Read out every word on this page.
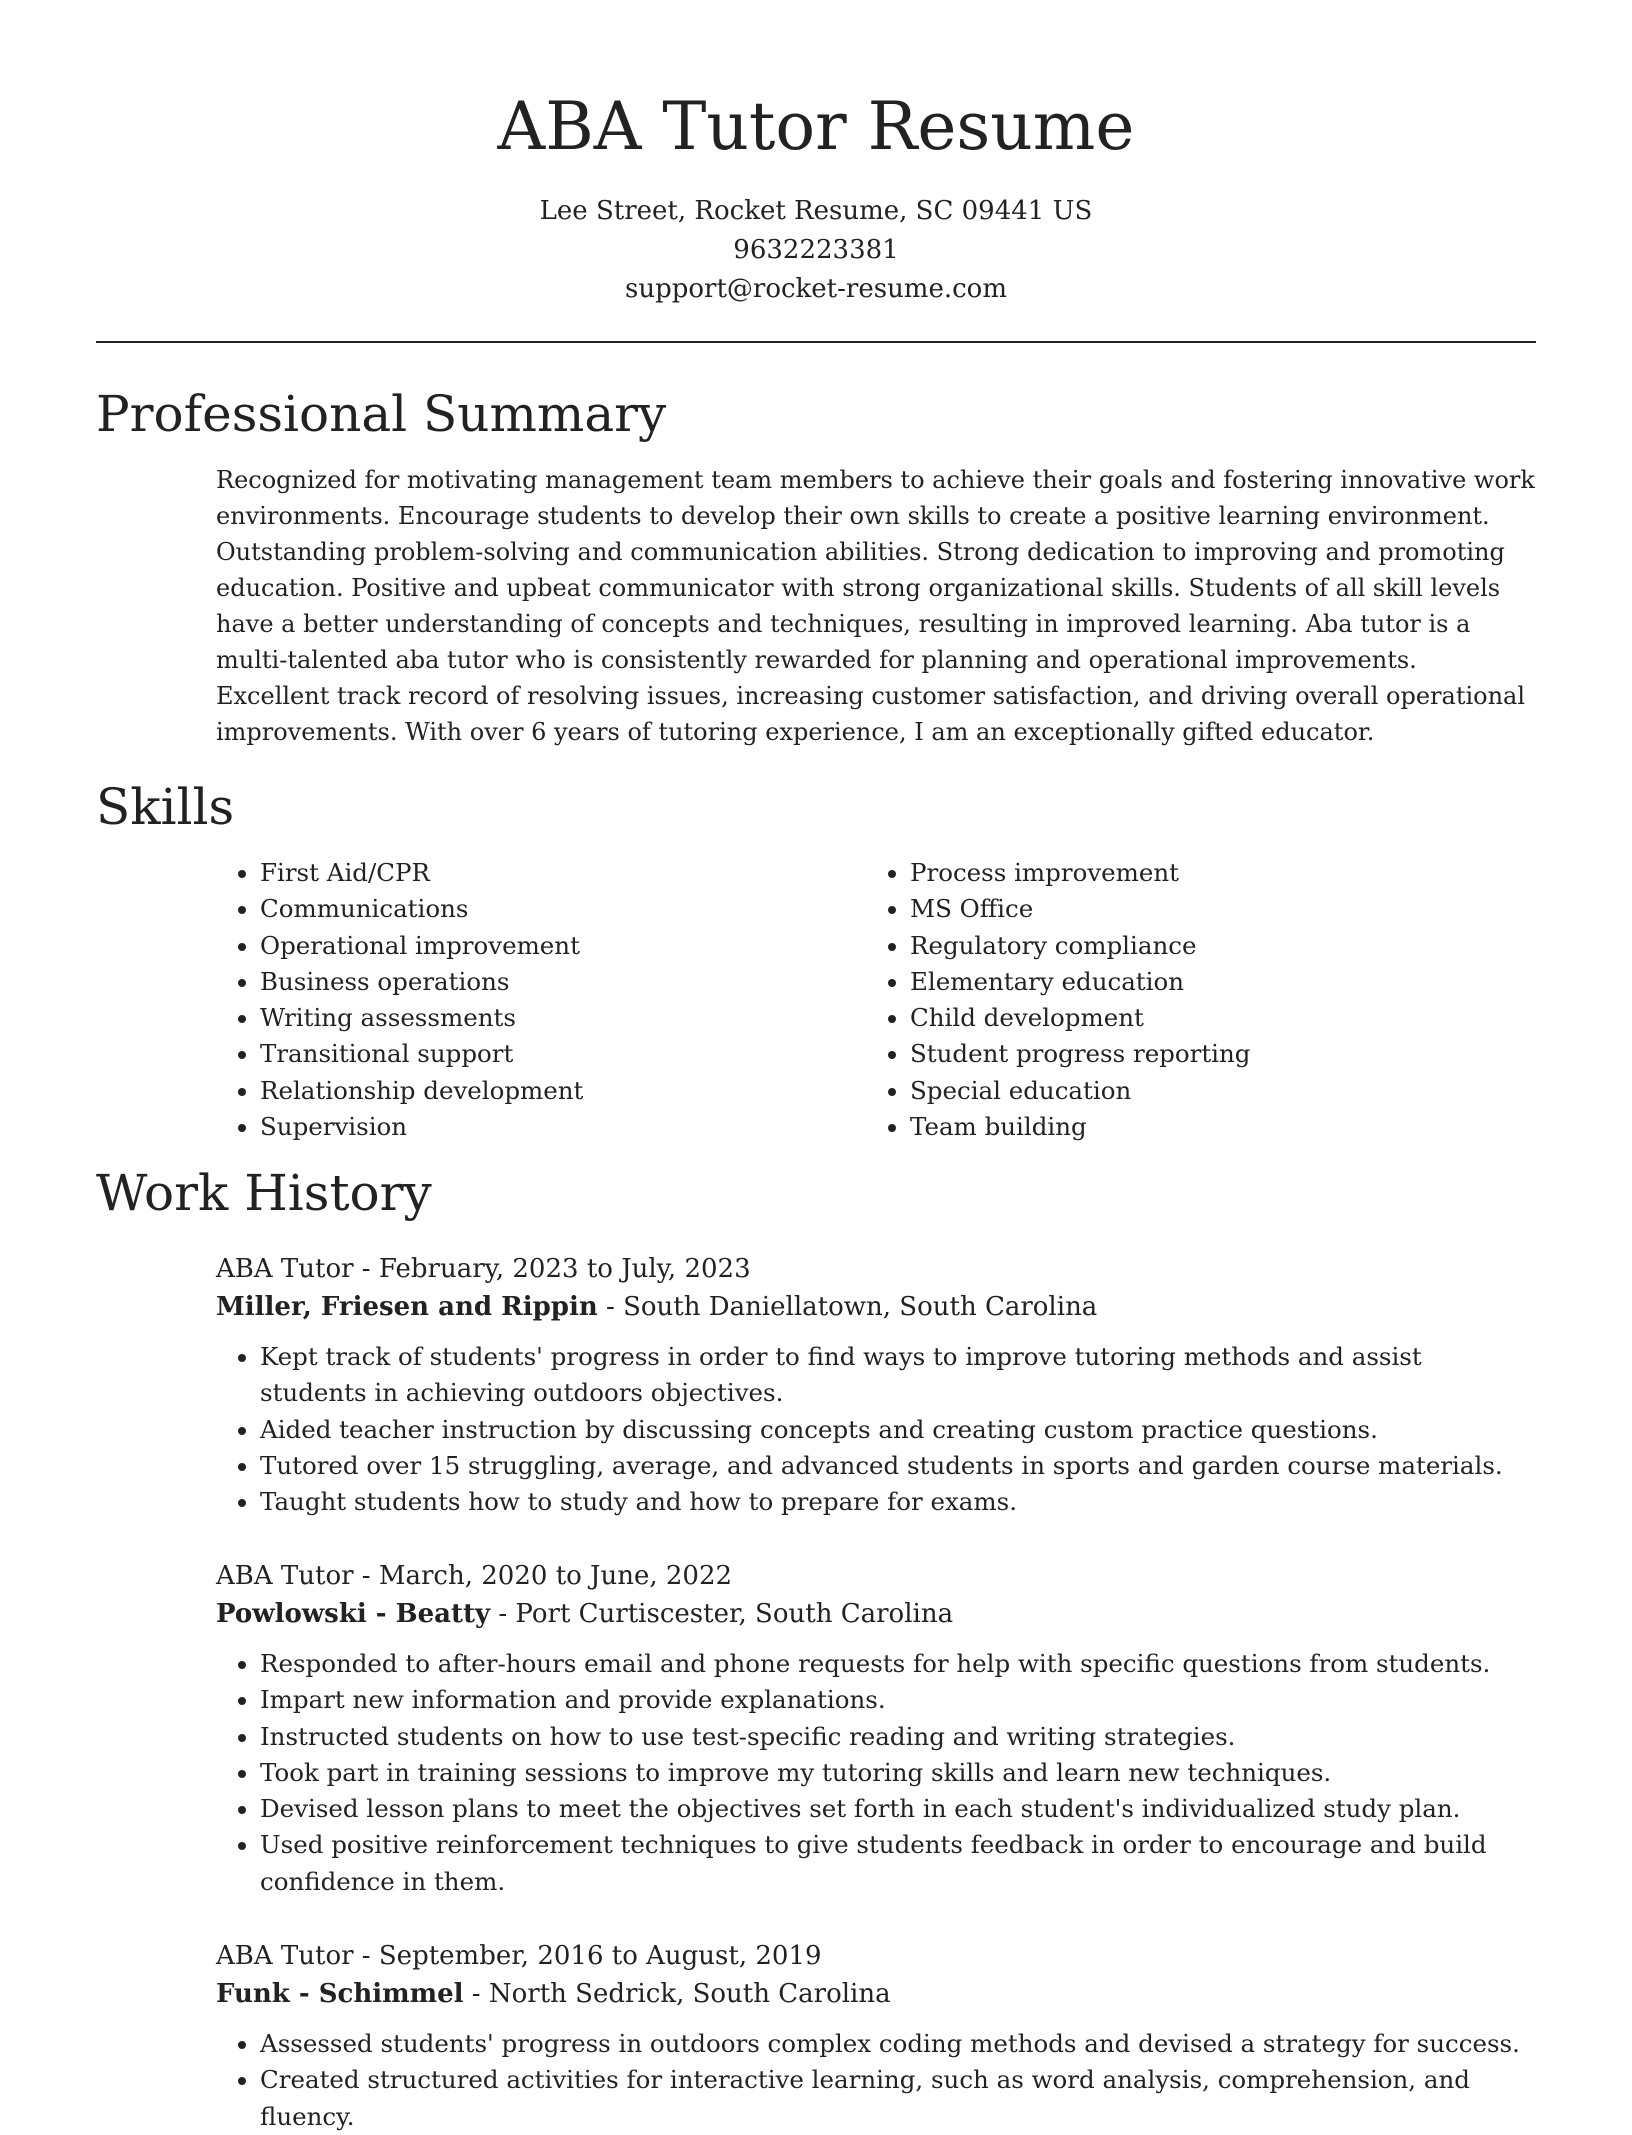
ABA Tutor Resume
Lee Street, Rocket Resume, SC 09441 US
9632223381
support@rocket-resume.com
Professional Summary

Recognized for motivating management team members to achieve their goals and fostering innovative work environments. Encourage students to develop their own skills to create a positive learning environment. Outstanding problem-solving and communication abilities. Strong dedication to improving and promoting education. Positive and upbeat communicator with strong organizational skills. Students of all skill levels have a better understanding of concepts and techniques, resulting in improved learning. Aba tutor is a multi-talented aba tutor who is consistently rewarded for planning and operational improvements. Excellent track record of resolving issues, increasing customer satisfaction, and driving overall operational improvements. With over 6 years of tutoring experience, I am an exceptionally gifted educator.

Skills
• First Aid/CPR
• Communications
• Operational improvement
• Business operations
• Writing assessments
• Transitional support
• Relationship development
• Supervision
• Process improvement
• MS Office
• Regulatory compliance
• Elementary education
• Child development
• Student progress reporting
• Special education
• Team building
Work History
ABA Tutor - February, 2023 to July, 2023
Miller, Friesen and Rippin - South Daniellatown, South Carolina
• Kept track of students' progress in order to find ways to improve tutoring methods and assist students in achieving outdoors objectives.
• Aided teacher instruction by discussing concepts and creating custom practice questions.
• Tutored over 15 struggling, average, and advanced students in sports and garden course materials.
• Taught students how to study and how to prepare for exams.
ABA Tutor - March, 2020 to June, 2022
Powlowski - Beatty - Port Curtiscester, South Carolina
• Responded to after-hours email and phone requests for help with specific questions from students.
• Impart new information and provide explanations.
• Instructed students on how to use test-specific reading and writing strategies.
• Took part in training sessions to improve my tutoring skills and learn new techniques.
• Devised lesson plans to meet the objectives set forth in each student's individualized study plan.
• Used positive reinforcement techniques to give students feedback in order to encourage and build confidence in them.
ABA Tutor - September, 2016 to August, 2019
Funk - Schimmel - North Sedrick, South Carolina
• Assessed students' progress in outdoors complex coding methods and devised a strategy for success.
• Created structured activities for interactive learning, such as word analysis, comprehension, and fluency.
